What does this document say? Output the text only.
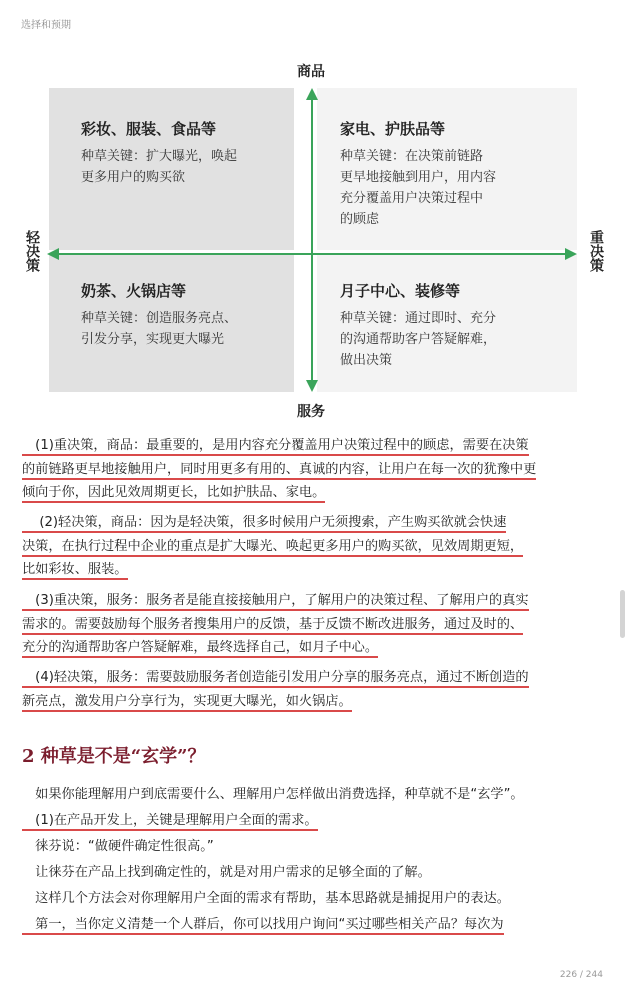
选择和预期
商品
服务
轻决策	重决策
彩妆、服装、食品等
种草关键：扩大曝光，唤起
更多用户的购买欲
家电、护肤品等
种草关键：在决策前链路
更早地接触到用户，用内容
充分覆盖用户决策过程中
的顾虑
奶茶、火锅店等
种草关键：创造服务亮点、
引发分享，实现更大曝光
月子中心、装修等
种草关键：通过即时、充分
的沟通帮助客户答疑解难，
做出决策
　(1)重决策，商品：最重要的，是用内容充分覆盖用户决策过程中的顾虑，需要在决策
的前链路更早地接触用户，同时用更多有用的、真诚的内容，让用户在每一次的犹豫中更
倾向于你，因此见效周期更长，比如护肤品、家电。
　 (2)轻决策，商品：因为是轻决策，很多时候用户无须搜索，产生购买欲就会快速
决策，在执行过程中企业的重点是扩大曝光、唤起更多用户的购买欲，见效周期更短，
比如彩妆、服装。
　(3)重决策，服务：服务者是能直接接触用户，了解用户的决策过程、了解用户的真实
需求的。需要鼓励每个服务者搜集用户的反馈，基于反馈不断改进服务，通过及时的、
充分的沟通帮助客户答疑解难，最终选择自己，如月子中心。
　(4)轻决策，服务：需要鼓励服务者创造能引发用户分享的服务亮点，通过不断创造的
新亮点，激发用户分享行为，实现更大曝光，如火锅店。
2 种草是不是“玄学”？
　如果你能理解用户到底需要什么、理解用户怎样做出消费选择，种草就不是“玄学”。
　(1)在产品开发上，关键是理解用户全面的需求。
　徕芬说：“做硬件确定性很高。”
　让徕芬在产品上找到确定性的，就是对用户需求的足够全面的了解。
　这样几个方法会对你理解用户全面的需求有帮助，基本思路就是捕捉用户的表达。
　第一，当你定义清楚一个人群后，你可以找用户询问“买过哪些相关产品？每次为
226 / 244
